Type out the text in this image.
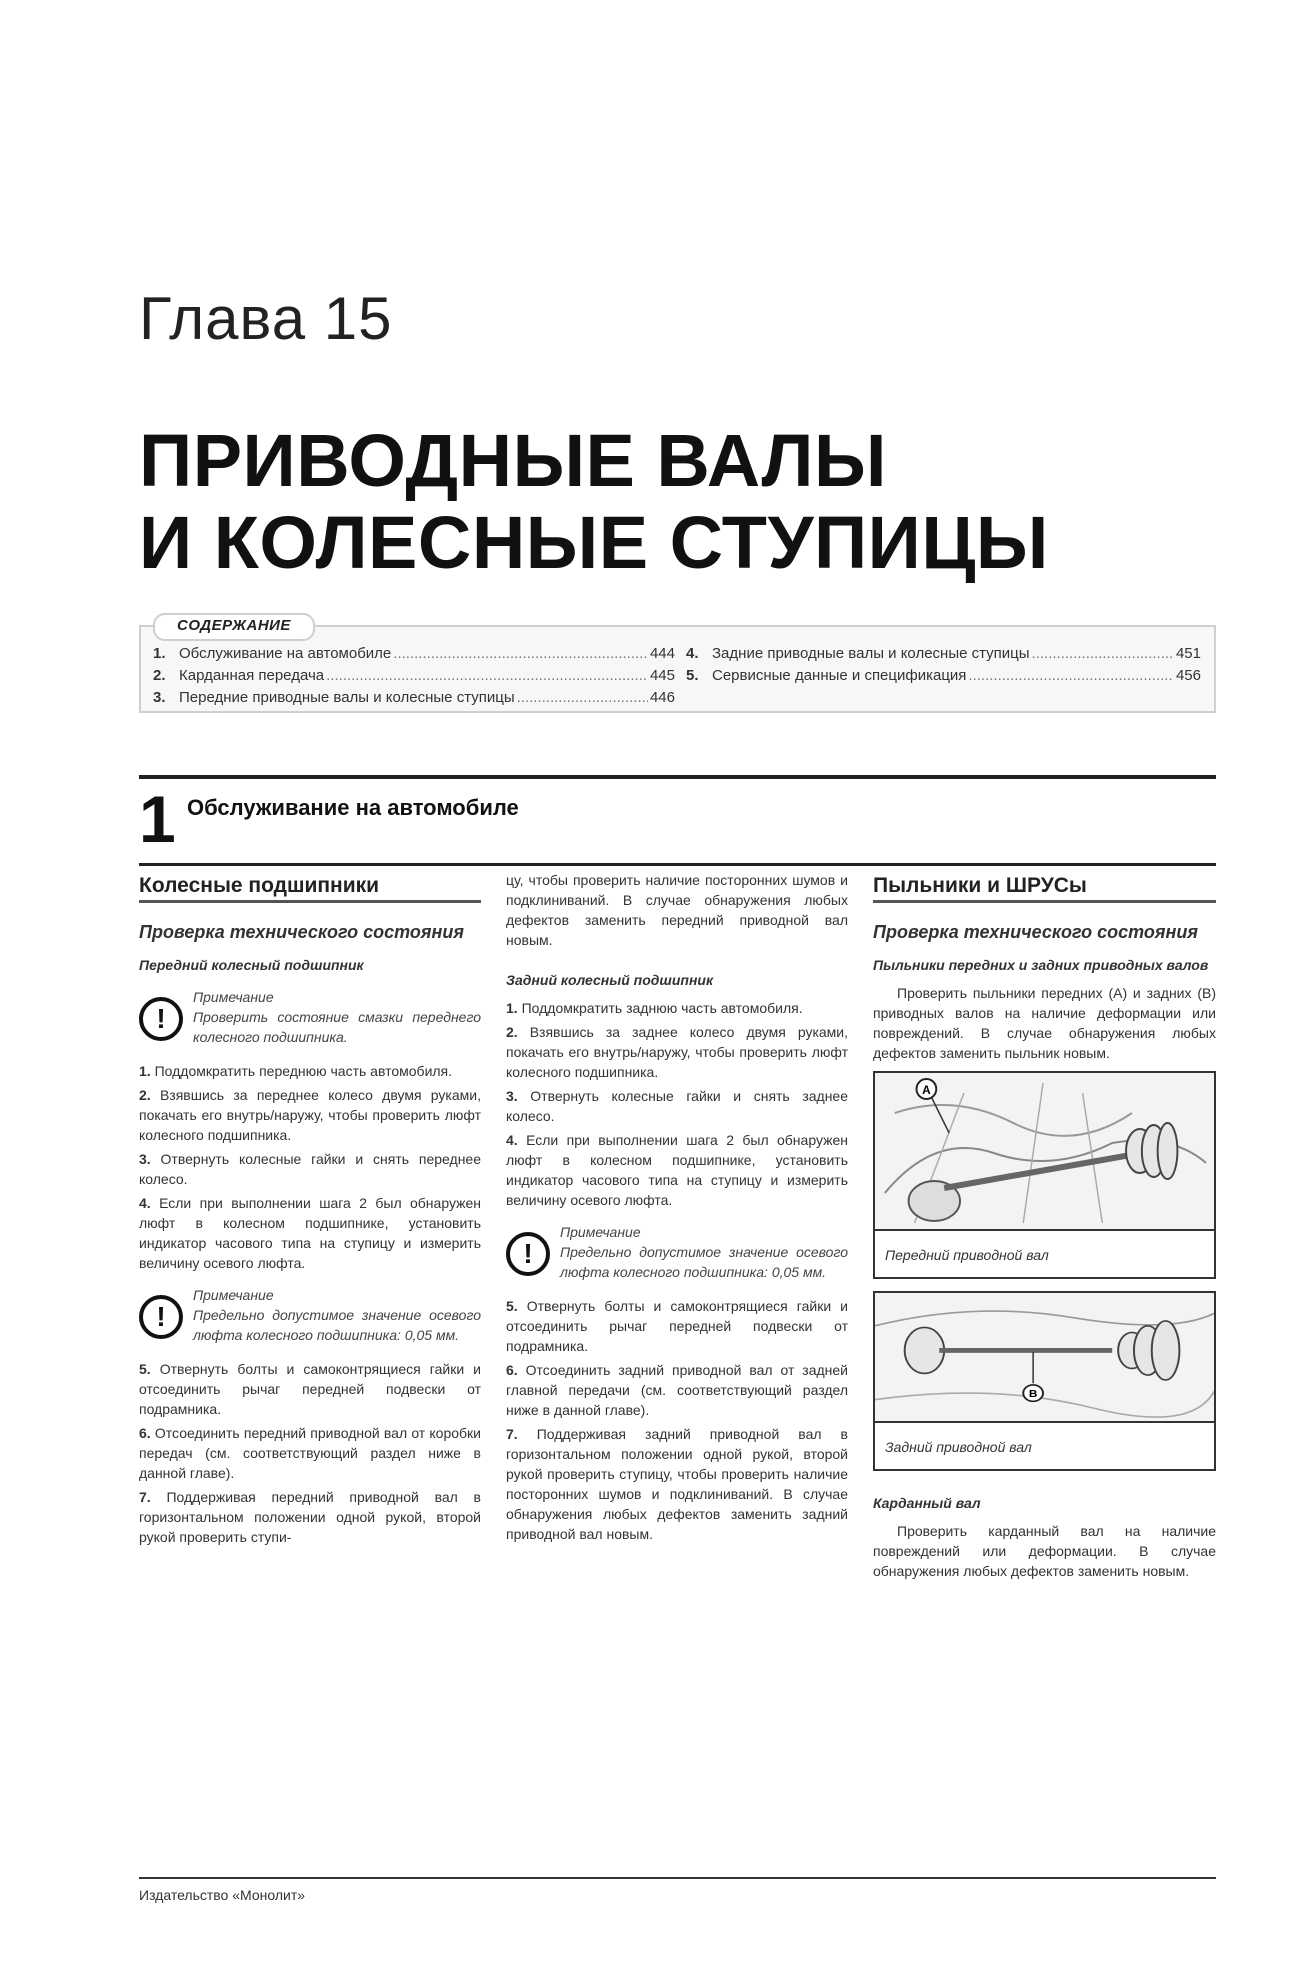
Глава 15
ПРИВОДНЫЕ ВАЛЫ
И КОЛЕСНЫЕ СТУПИЦЫ
СОДЕРЖАНИЕ
1. Обслуживание на автомобиле .....	444
2. Карданная передача .....	445
3. Передние приводные валы и колесные ступицы .....	446
4. Задние приводные валы и колесные ступицы .....	451
5. Сервисные данные и спецификация .....	456
1 Обслуживание на автомобиле
Колесные подшипники
Проверка технического состояния
Передний колесный подшипник
!
Примечание
Проверить состояние смазки переднего колесного подшипника.

1. Поддомкратить переднюю часть автомобиля.

2. Взявшись за переднее колесо двумя руками, покачать его внутрь/наружу, чтобы проверить люфт колесного подшипника.

3. Отвернуть колесные гайки и снять переднее колесо.

4. Если при выполнении шага 2 был обнаружен люфт в колесном подшипнике, установить индикатор часового типа на ступицу и измерить величину осевого люфта.

!
Примечание
Предельно допустимое значение осевого люфта колесного подшипника: 0,05 мм.

5. Отвернуть болты и самоконтрящиеся гайки и отсоединить рычаг передней подвески от подрамника.

6. Отсоединить передний приводной вал от коробки передач (см. соответствующий раздел ниже в данной главе).

7. Поддерживая передний приводной вал в горизонтальном положении одной рукой, второй рукой проверить ступи-

цу, чтобы проверить наличие посторонних шумов и подклиниваний. В случае обнаружения любых дефектов заменить передний приводной вал новым.

Задний колесный подшипник

1. Поддомкратить заднюю часть автомобиля.

2. Взявшись за заднее колесо двумя руками, покачать его внутрь/наружу, чтобы проверить люфт колесного подшипника.

3. Отвернуть колесные гайки и снять заднее колесо.

4. Если при выполнении шага 2 был обнаружен люфт в колесном подшипнике, установить индикатор часового типа на ступицу и измерить величину осевого люфта.

!
Примечание
Предельно допустимое значение осевого люфта колесного подшипника: 0,05 мм.

5. Отвернуть болты и самоконтрящиеся гайки и отсоединить рычаг передней подвески от подрамника.

6. Отсоединить задний приводной вал от задней главной передачи (см. соответствующий раздел ниже в данной главе).

7. Поддерживая задний приводной вал в горизонтальном положении одной рукой, второй рукой проверить ступицу, чтобы проверить наличие посторонних шумов и подклиниваний. В случае обнаружения любых дефектов заменить задний приводной вал новым.

Пыльники и ШРУСы
Проверка технического состояния
Пыльники передних и задних приводных валов

Проверить пыльники передних (A) и задних (B) приводных валов на наличие деформации или повреждений. В случае обнаружения любых дефектов заменить пыльник новым.

A
Передний приводной вал
B
Задний приводной вал
Карданный вал

Проверить карданный вал на наличие повреждений или деформации. В случае обнаружения любых дефектов заменить новым.

Издательство «Монолит»
